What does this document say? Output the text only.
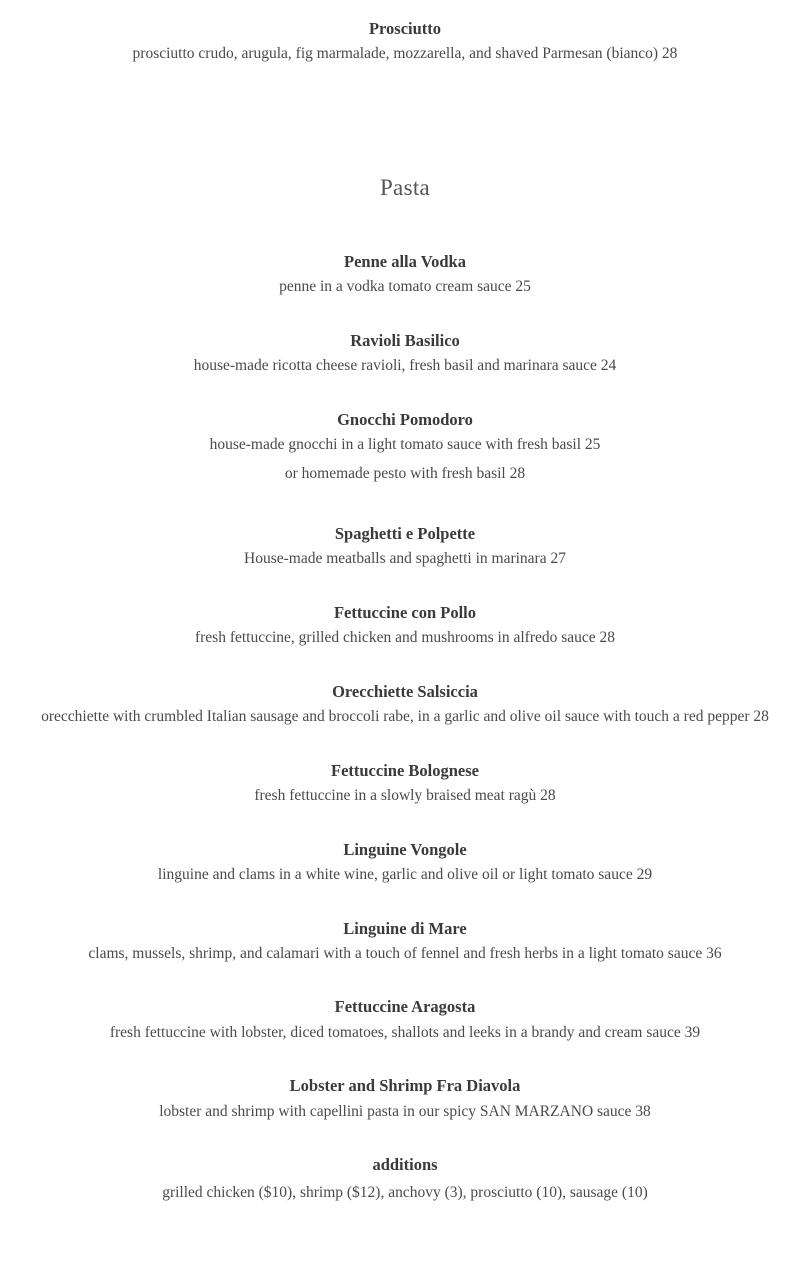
Prosciutto
prosciutto crudo, arugula, fig marmalade, mozzarella, and shaved Parmesan (bianco) 28
Pasta
Penne alla Vodka
penne in a vodka tomato cream sauce 25
Ravioli Basilico
house-made ricotta cheese ravioli, fresh basil and marinara sauce 24
Gnocchi Pomodoro
house-made gnocchi in a light tomato sauce with fresh basil 25
or homemade pesto with fresh basil 28
Spaghetti e Polpette
House-made meatballs and spaghetti in marinara 27
Fettuccine con Pollo
fresh fettuccine, grilled chicken and mushrooms in alfredo sauce 28
Orecchiette Salsiccia
orecchiette with crumbled Italian sausage and broccoli rabe, in a garlic and olive oil sauce with touch a red pepper 28
Fettuccine Bolognese
fresh fettuccine in a slowly braised meat ragù 28
Linguine Vongole
linguine and clams in a white wine, garlic and olive oil or light tomato sauce 29
Linguine di Mare
clams, mussels, shrimp, and calamari with a touch of fennel and fresh herbs in a light tomato sauce 36
Fettuccine Aragosta
fresh fettuccine with lobster, diced tomatoes, shallots and leeks in a brandy and cream sauce 39
Lobster and Shrimp Fra Diavola
lobster and shrimp with capellini pasta in our spicy SAN MARZANO sauce 38
additions
grilled chicken ($10), shrimp ($12), anchovy (3), prosciutto (10), sausage (10)
